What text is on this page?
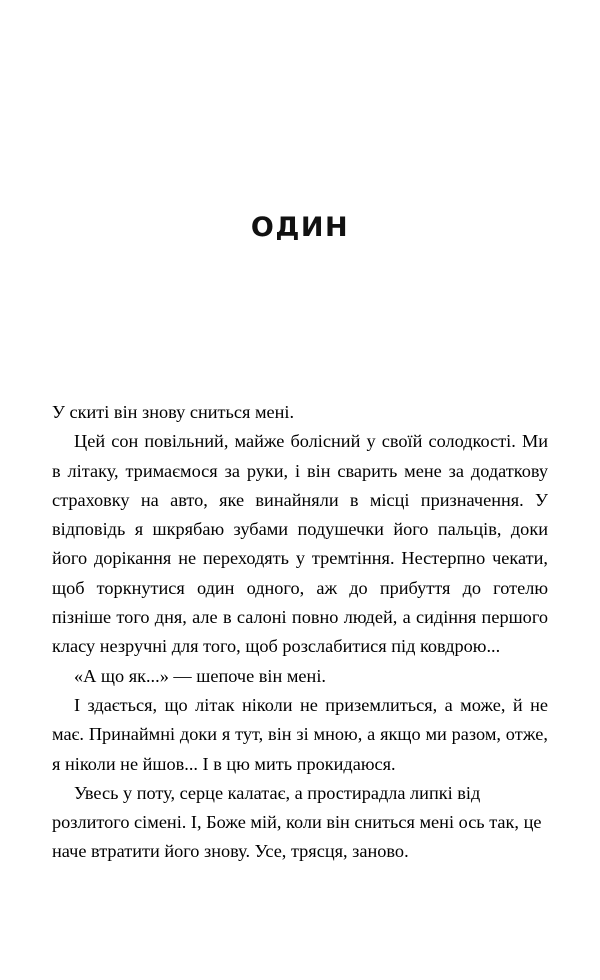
ОДИН

У скиті він знову сниться мені.

Цей сон повільний, майже болісний у своїй солодкості. Ми в літаку, тримаємося за руки, і він сварить мене за додаткову страховку на авто, яке винайняли в місці призначення. У відповідь я шкрябаю зубами подушечки його пальців, доки його дорікання не переходять у тремтіння. Нестерпно чекати, щоб торкнутися один одного, аж до прибуття до готелю пізніше того дня, але в салоні повно людей, а сидіння першого класу незручні для того, щоб розслабитися під ковдрою...

«А що як...» — шепоче він мені.

І здається, що літак ніколи не приземлиться, а може, й не має. Принаймні доки я тут, він зі мною, а якщо ми разом, отже, я ніколи не йшов... І в цю мить прокидаюся.

Увесь у поту, серце калатає, а простирадла липкі від розлитого сімені. І, Боже мій, коли він сниться мені ось так, це наче втратити його знову. Усе, трясця, заново.
